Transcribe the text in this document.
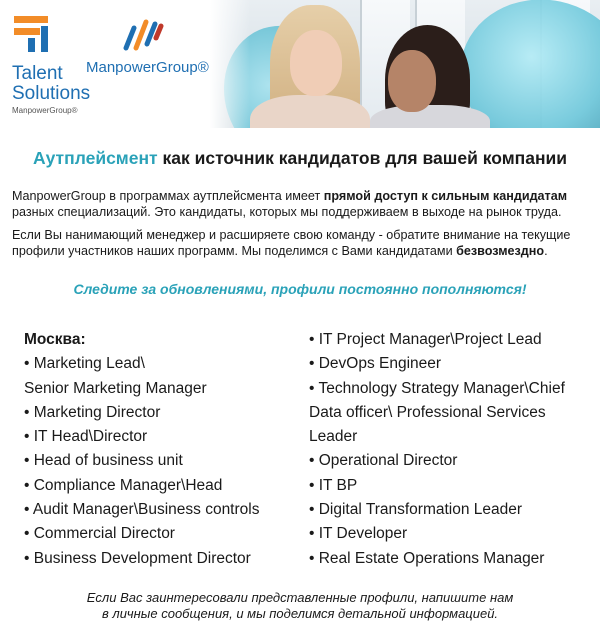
Talent
Solutions
ManpowerGroup®
ManpowerGroup®
Аутплейсмент как источник кандидатов для вашей компании

ManpowerGroup в программах аутплейсмента имеет прямой доступ к сильным кандидатам разных специализаций. Это кандидаты, которых мы поддерживаем в выходе на рынок труда.

Если Вы нанимающий менеджер и расширяете свою команду - обратите внимание на текущие профили участников наших программ. Мы поделимся с Вами кандидатами безвозмездно.

Следите за обновлениями, профили постоянно пополняются!

Москва:
• Marketing Lead\
Senior Marketing Manager
• Marketing Director
• IT Head\Director
• Head of business unit
• Compliance Manager\Head
• Audit Manager\Business controls
• Commercial Director
• Business Development Director
• IT Project Manager\Project Lead
• DevOps Engineer
• Technology Strategy Manager\Chief
Data officer\ Professional Services
Leader
• Operational Director
• IT BP
• Digital Transformation Leader
• IT Developer
• Real Estate Operations Manager
Если Вас заинтересовали представленные профили, напишите нам
в личные сообщения, и мы поделимся детальной информацией.
